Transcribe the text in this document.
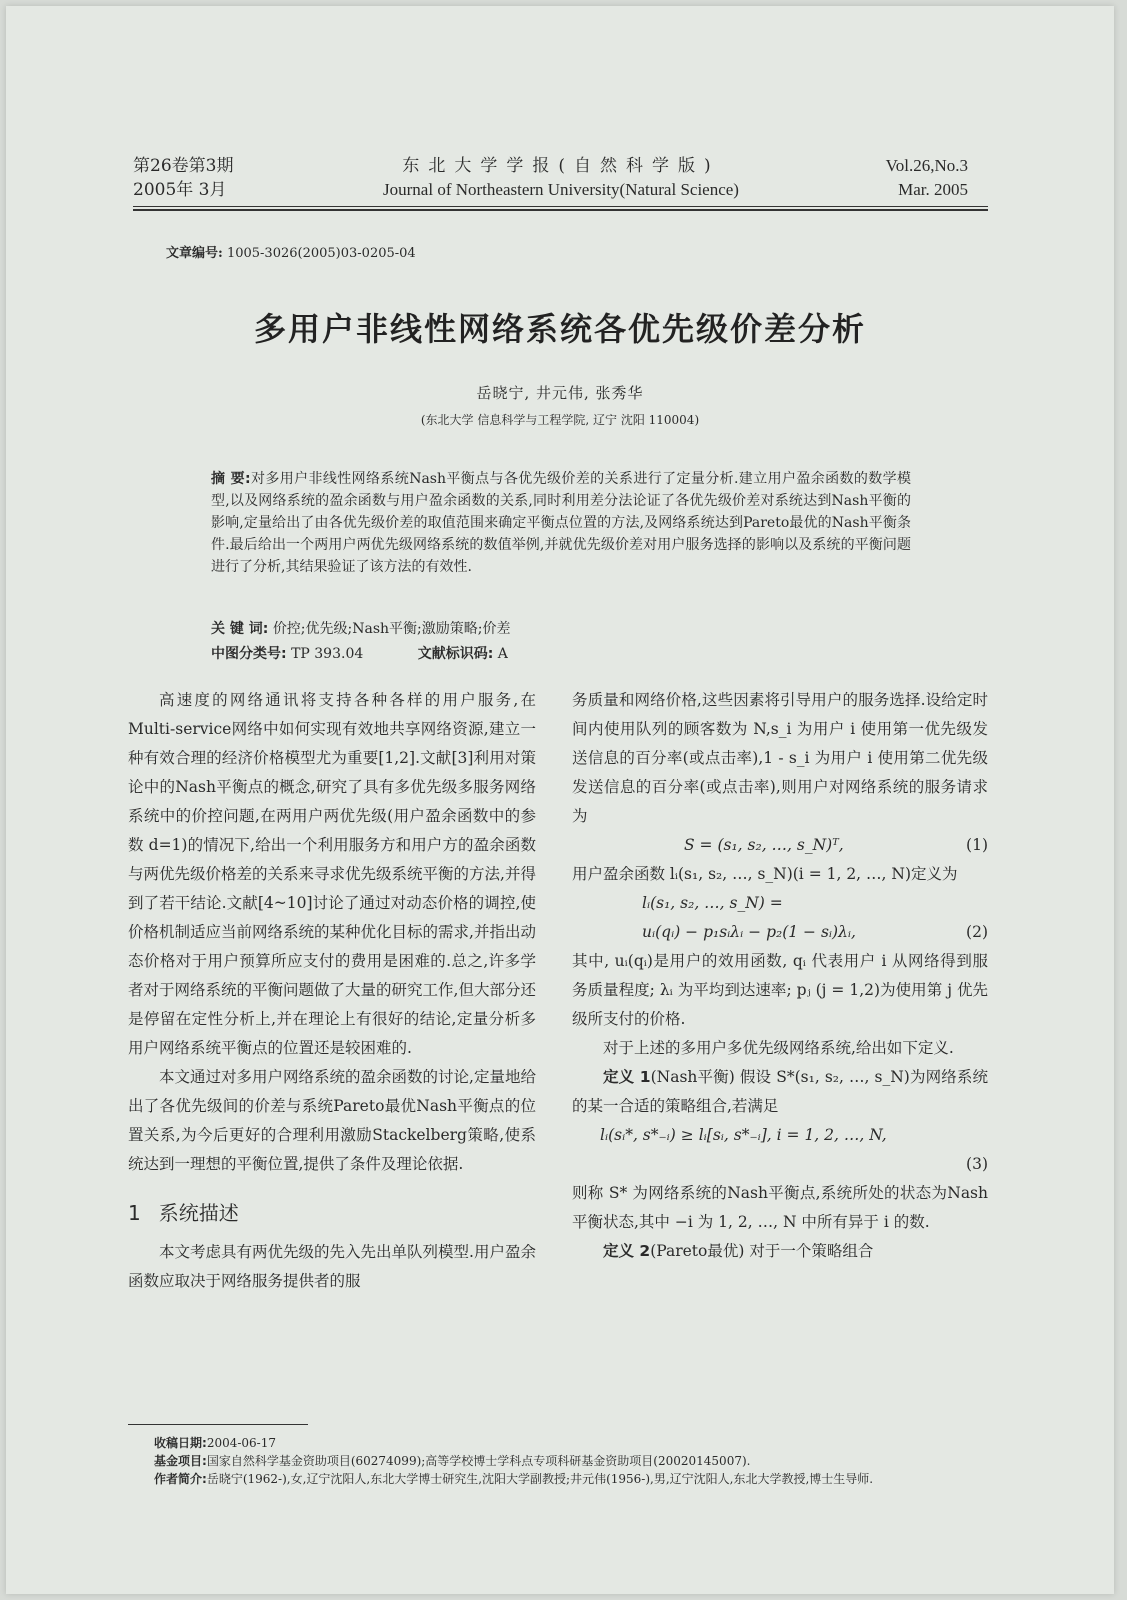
第26卷第3期
2005年 3月
东北大学学报(自然科学版)
Journal of Northeastern University(Natural Science)
Vol.26,No.3
Mar. 2005
文章编号: 1005-3026(2005)03-0205-04
多用户非线性网络系统各优先级价差分析
岳晓宁, 井元伟, 张秀华
(东北大学 信息科学与工程学院, 辽宁 沈阳 110004)
摘 要:对多用户非线性网络系统Nash平衡点与各优先级价差的关系进行了定量分析.建立用户盈余函数的数学模型,以及网络系统的盈余函数与用户盈余函数的关系,同时利用差分法论证了各优先级价差对系统达到Nash平衡的影响,定量给出了由各优先级价差的取值范围来确定平衡点位置的方法,及网络系统达到Pareto最优的Nash平衡条件.最后给出一个两用户两优先级网络系统的数值举例,并就优先级价差对用户服务选择的影响以及系统的平衡问题进行了分析,其结果验证了该方法的有效性.
关 键 词: 价控;优先级;Nash平衡;激励策略;价差
中图分类号: TP 393.04	文献标识码: A

高速度的网络通讯将支持各种各样的用户服务,在Multi-service网络中如何实现有效地共享网络资源,建立一种有效合理的经济价格模型尤为重要[1,2].文献[3]利用对策论中的Nash平衡点的概念,研究了具有多优先级多服务网络系统中的价控问题,在两用户两优先级(用户盈余函数中的参数 d=1)的情况下,给出一个利用服务方和用户方的盈余函数与两优先级价格差的关系来寻求优先级系统平衡的方法,并得到了若干结论.文献[4~10]讨论了通过对动态价格的调控,使价格机制适应当前网络系统的某种优化目标的需求,并指出动态价格对于用户预算所应支付的费用是困难的.总之,许多学者对于网络系统的平衡问题做了大量的研究工作,但大部分还是停留在定性分析上,并在理论上有很好的结论,定量分析多用户网络系统平衡点的位置还是较困难的.

本文通过对多用户网络系统的盈余函数的讨论,定量地给出了各优先级间的价差与系统Pareto最优Nash平衡点的位置关系,为今后更好的合理利用激励Stackelberg策略,使系统达到一理想的平衡位置,提供了条件及理论依据.

1 系统描述

本文考虑具有两优先级的先入先出单队列模型.用户盈余函数应取决于网络服务提供者的服

务质量和网络价格,这些因素将引导用户的服务选择.设给定时间内使用队列的顾客数为 N,s_i 为用户 i 使用第一优先级发送信息的百分率(或点击率),1 - s_i 为用户 i 使用第二优先级发送信息的百分率(或点击率),则用户对网络系统的服务请求为

S = (s₁, s₂, …, s_N)ᵀ,	(1)

用户盈余函数 lᵢ(s₁, s₂, …, s_N)(i = 1, 2, …, N)定义为

lᵢ(s₁, s₂, …, s_N) =
uᵢ(qᵢ) − p₁sᵢλᵢ − p₂(1 − sᵢ)λᵢ,	(2)

其中, uᵢ(qᵢ)是用户的效用函数, qᵢ 代表用户 i 从网络得到服务质量程度; λᵢ 为平均到达速率; pⱼ (j = 1,2)为使用第 j 优先级所支付的价格.

对于上述的多用户多优先级网络系统,给出如下定义.

定义 1(Nash平衡) 假设 S*(s₁, s₂, …, s_N)为网络系统的某一合适的策略组合,若满足

lᵢ(sᵢ*, s*₋ᵢ) ≥ lᵢ[sᵢ, s*₋ᵢ], i = 1, 2, …, N,
(3)

则称 S* 为网络系统的Nash平衡点,系统所处的状态为Nash平衡状态,其中 −i 为 1, 2, …, N 中所有异于 i 的数.

定义 2(Pareto最优) 对于一个策略组合

收稿日期: 2004-06-17
基金项目: 国家自然科学基金资助项目(60274099);高等学校博士学科点专项科研基金资助项目(20020145007).
作者简介: 岳晓宁(1962-),女,辽宁沈阳人,东北大学博士研究生,沈阳大学副教授;井元伟(1956-),男,辽宁沈阳人,东北大学教授,博士生导师.
